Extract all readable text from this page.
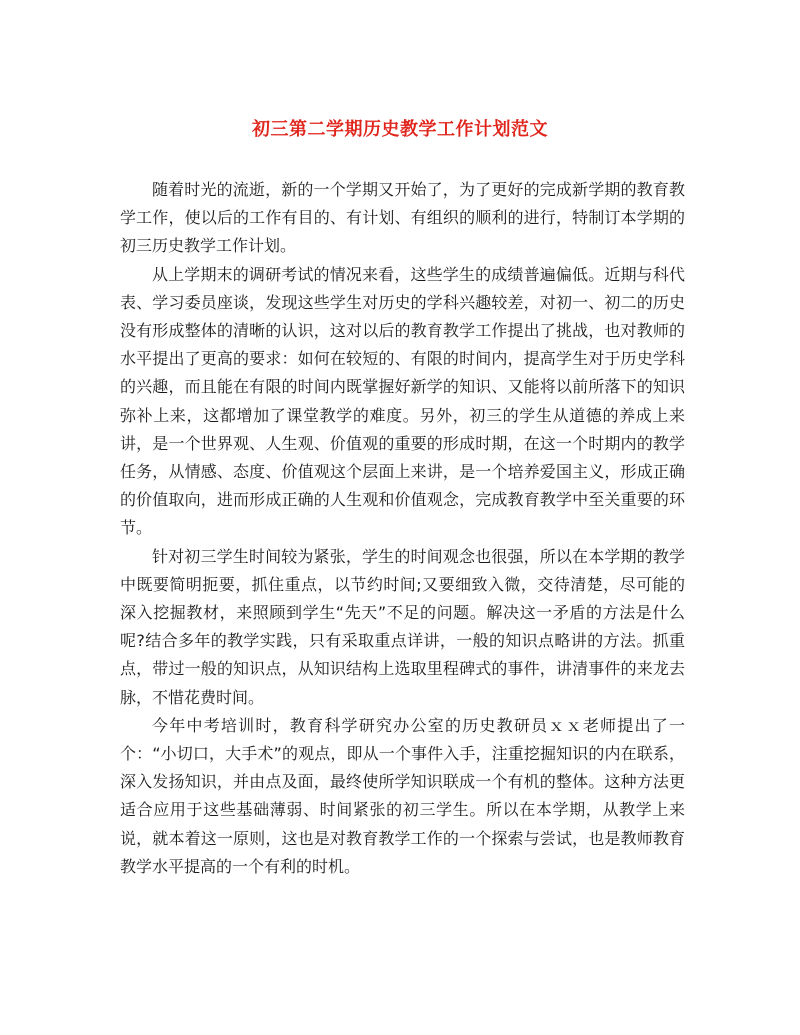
初三第二学期历史教学工作计划范文

随着时光的流逝，新的一个学期又开始了，为了更好的完成新学期的教育教学工作，使以后的工作有目的、有计划、有组织的顺利的进行，特制订本学期的初三历史教学工作计划。

从上学期末的调研考试的情况来看，这些学生的成绩普遍偏低。近期与科代表、学习委员座谈，发现这些学生对历史的学科兴趣较差，对初一、初二的历史没有形成整体的清晰的认识，这对以后的教育教学工作提出了挑战，也对教师的水平提出了更高的要求：如何在较短的、有限的时间内，提高学生对于历史学科的兴趣，而且能在有限的时间内既掌握好新学的知识、又能将以前所落下的知识弥补上来，这都增加了课堂教学的难度。另外，初三的学生从道德的养成上来讲，是一个世界观、人生观、价值观的重要的形成时期，在这一个时期内的教学任务，从情感、态度、价值观这个层面上来讲，是一个培养爱国主义，形成正确的价值取向，进而形成正确的人生观和价值观念，完成教育教学中至关重要的环节。

针对初三学生时间较为紧张，学生的时间观念也很强，所以在本学期的教学中既要简明扼要，抓住重点，以节约时间;又要细致入微，交待清楚，尽可能的深入挖掘教材，来照顾到学生“先天”不足的问题。解决这一矛盾的方法是什么呢?结合多年的教学实践，只有采取重点详讲，一般的知识点略讲的方法。抓重点，带过一般的知识点，从知识结构上选取里程碑式的事件，讲清事件的来龙去脉，不惜花费时间。

今年中考培训时，教育科学研究办公室的历史教研员ｘｘ老师提出了一个：“小切口，大手术”的观点，即从一个事件入手，注重挖掘知识的内在联系，深入发扬知识，并由点及面，最终使所学知识联成一个有机的整体。这种方法更适合应用于这些基础薄弱、时间紧张的初三学生。所以在本学期，从教学上来说，就本着这一原则，这也是对教育教学工作的一个探索与尝试，也是教师教育教学水平提高的一个有利的时机。
